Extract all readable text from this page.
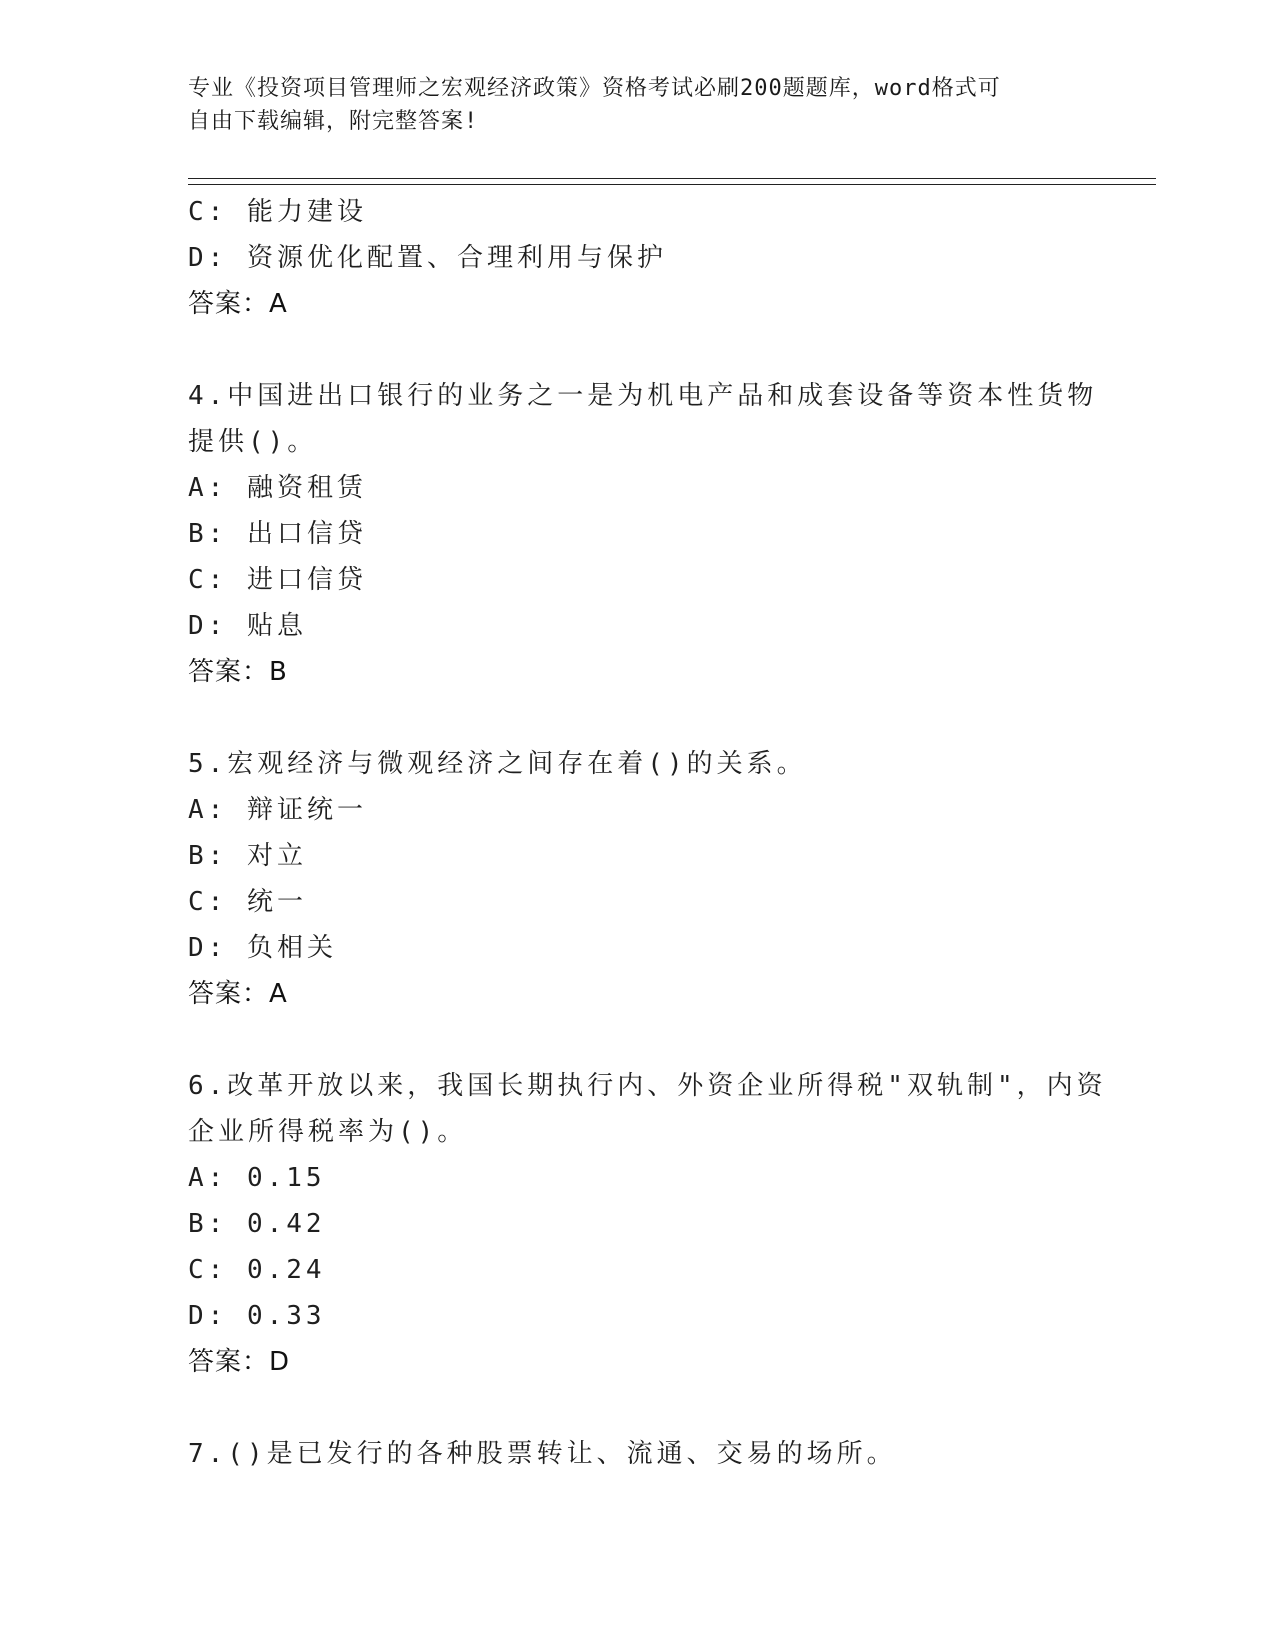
专业《投资项目管理师之宏观经济政策》资格考试必刷200题题库，word格式可
自由下载编辑，附完整答案!
C: 能力建设
D: 资源优化配置、合理利用与保护
答案：A
4.中国进出口银行的业务之一是为机电产品和成套设备等资本性货物
提供()。
A: 融资租赁
B: 出口信贷
C: 进口信贷
D: 贴息
答案：B
5.宏观经济与微观经济之间存在着()的关系。
A: 辩证统一
B: 对立
C: 统一
D: 负相关
答案：A
6.改革开放以来，我国长期执行内、外资企业所得税"双轨制"，内资
企业所得税率为()。
A: 0.15
B: 0.42
C: 0.24
D: 0.33
答案：D
7.()是已发行的各种股票转让、流通、交易的场所。
